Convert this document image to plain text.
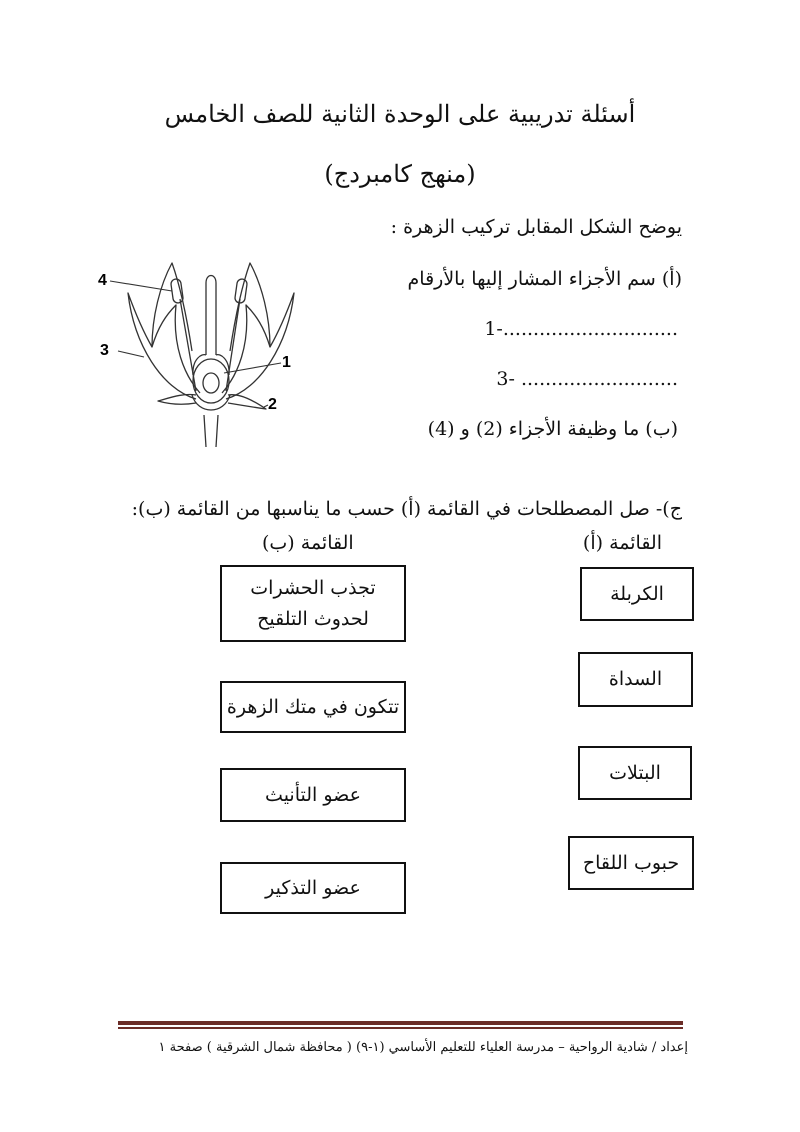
أسئلة تدريبية على الوحدة الثانية للصف الخامس
(منهج كامبردج)
يوضح الشكل المقابل تركيب الزهرة :
(أ) سم الأجزاء المشار إليها بالأرقام
1-.............................
3- ..........................
(ب) ما وظيفة الأجزاء (2) و (4)
4
3
1
2
ج)- صل المصطلحات في القائمة (أ) حسب ما يناسبها من القائمة (ب):
القائمة (أ)
القائمة (ب)
الكربلة
السداة
البتلات
حبوب اللقاح
تجذب الحشرات لحدوث التلقيح
تتكون في متك الزهرة
عضو التأنيث
عضو التذكير
إعداد / شادية الرواحية – مدرسة العلياء للتعليم الأساسي (١-٩) ( محافظة شمال الشرقية ) صفحة ١
